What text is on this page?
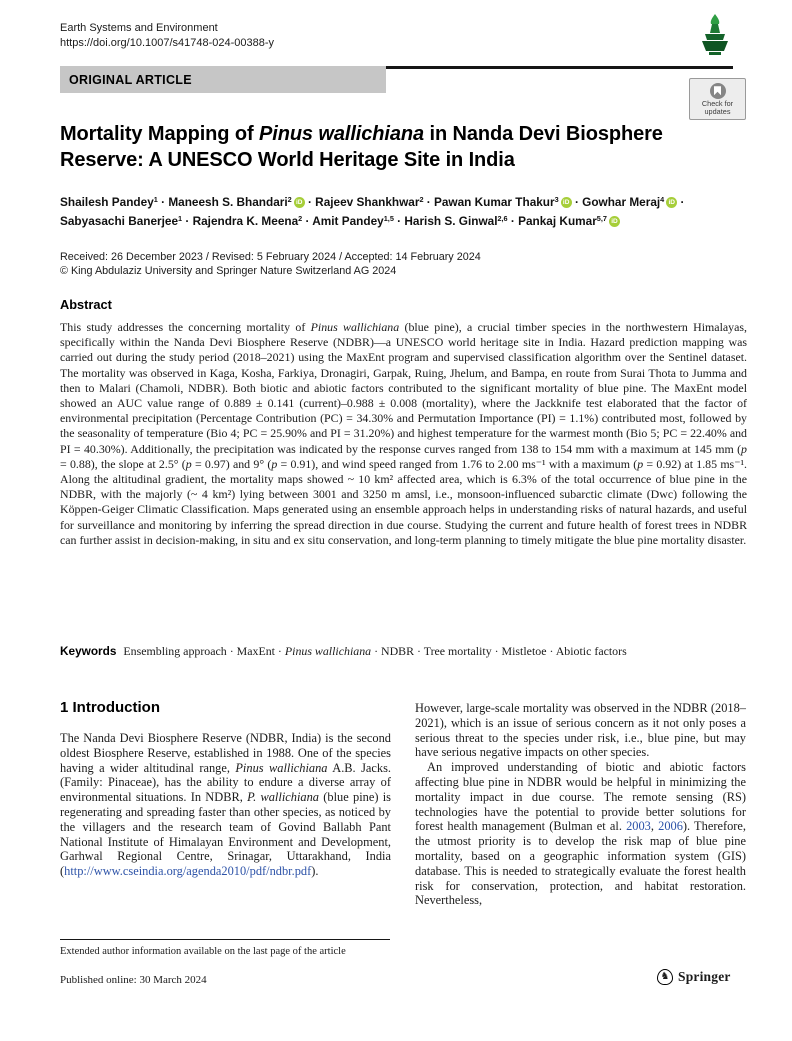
Earth Systems and Environment
https://doi.org/10.1007/s41748-024-00388-y
ORIGINAL ARTICLE
Check for
updates
Mortality Mapping of Pinus wallichiana in Nanda Devi Biosphere Reserve: A UNESCO World Heritage Site in India
Shailesh Pandey$^1$ · Maneesh S. Bhandari$^2$ iD · Rajeev Shankhwar$^2$ · Pawan Kumar Thakur$^3$ iD · Gowhar Meraj$^4$ iD ·
Sabyasachi Banerjee$^1$ · Rajendra K. Meena$^2$ · Amit Pandey$^{1,5}$ · Harish S. Ginwal$^{2,6}$ · Pankaj Kumar$^{5,7}$ iD
Received: 26 December 2023 / Revised: 5 February 2024 / Accepted: 14 February 2024
© King Abdulaziz University and Springer Nature Switzerland AG 2024
Abstract

This study addresses the concerning mortality of Pinus wallichiana (blue pine), a crucial timber species in the northwestern Himalayas, specifically within the Nanda Devi Biosphere Reserve (NDBR)—a UNESCO world heritage site in India. Hazard prediction mapping was carried out during the study period (2018–2021) using the MaxEnt program and supervised classification algorithm over the Sentinel dataset. The mortality was observed in Kaga, Kosha, Farkiya, Dronagiri, Garpak, Ruing, Jhelum, and Bampa, en route from Surai Thota to Jumma and then to Malari (Chamoli, NDBR). Both biotic and abiotic factors contributed to the significant mortality of blue pine. The MaxEnt model showed an AUC value range of 0.889 ± 0.141 (current)–0.988 ± 0.008 (mortality), where the Jackknife test elaborated that the factor of environmental precipitation (Percentage Contribution (PC) = 34.30% and Permutation Importance (PI) = 1.1%) contributed most, followed by the seasonality of temperature (Bio 4; PC = 25.90% and PI = 31.20%) and highest temperature for the warmest month (Bio 5; PC = 22.40% and PI = 40.30%). Additionally, the precipitation was indicated by the response curves ranged from 138 to 154 mm with a maximum at 145 mm (p = 0.88), the slope at 2.5° (p = 0.97) and 9° (p = 0.91), and wind speed ranged from 1.76 to 2.00 ms⁻¹ with a maximum (p = 0.92) at 1.85 ms⁻¹. Along the altitudinal gradient, the mortality maps showed ~ 10 km² affected area, which is 6.3% of the total occurrence of blue pine in the NDBR, with the majorly (~ 4 km²) lying between 3001 and 3250 m amsl, i.e., monsoon-influenced subarctic climate (Dwc) following the Köppen-Geiger Climatic Classification. Maps generated using an ensemble approach helps in understanding risks of natural hazards, and useful for surveillance and monitoring by inferring the spread direction in due course. Studying the current and future health of forest trees in NDBR can further assist in decision-making, in situ and ex situ conservation, and long-term planning to timely mitigate the blue pine mortality disaster.

Keywords Ensembling approach · MaxEnt · Pinus wallichiana · NDBR · Tree mortality · Mistletoe · Abiotic factors
1 Introduction

The Nanda Devi Biosphere Reserve (NDBR, India) is the second oldest Biosphere Reserve, established in 1988. One of the species having a wider altitudinal range, Pinus wallichiana A.B. Jacks. (Family: Pinaceae), has the ability to endure a diverse array of environmental situations. In NDBR, P. wallichiana (blue pine) is regenerating and spreading faster than other species, as noticed by the villagers and the research team of Govind Ballabh Pant National Institute of Himalayan Environment and Development, Garhwal Regional Centre, Srinagar, Uttarakhand, India (http://www.cseindia.org/agenda2010/pdf/ndbr.pdf).

However, large-scale mortality was observed in the NDBR (2018–2021), which is an issue of serious concern as it not only poses a serious threat to the species under risk, i.e., blue pine, but may have serious negative impacts on other species.

An improved understanding of biotic and abiotic factors affecting blue pine in NDBR would be helpful in minimizing the mortality impact in due course. The remote sensing (RS) technologies have the potential to provide better solutions for forest health management (Bulman et al. 2003, 2006). Therefore, the utmost priority is to develop the risk map of blue pine mortality, based on a geographic information system (GIS) database. This is needed to strategically evaluate the forest health risk for conservation, protection, and habitat restoration. Nevertheless,

Extended author information available on the last page of the article
Published online: 30 March 2024	♞ Springer
